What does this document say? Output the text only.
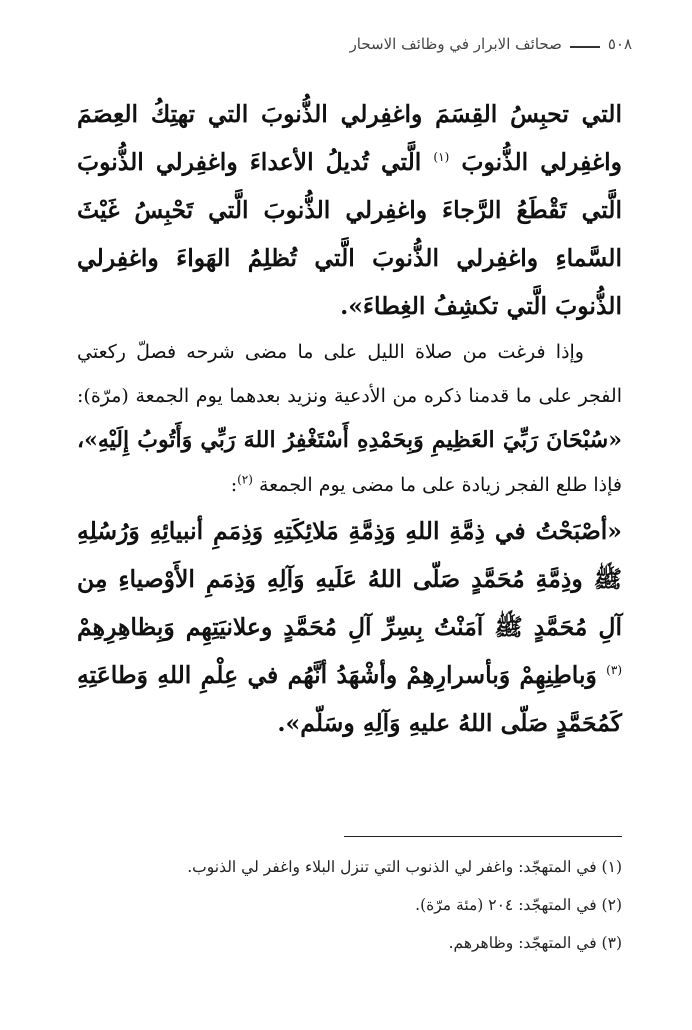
٥٠٨
صحائف الابرار في وظائف الاسحار

التي تحبِسُ القِسَمَ واغفِرلي الذُّنوبَ التي تهتِكُ العِصَمَ واغفِرلي الذُّنوبَ $^{(١)}$ الَّتي تُديلُ الأعداءَ واغفِرلي الذُّنوبَ الَّتي تَقْطَعُ الرَّجاءَ واغفِرلي الذُّنوبَ الَّتي تَحْبِسُ غَيْثَ السَّماءِ واغفِرلي الذُّنوبَ الَّتي تُظلِمُ الهَواءَ واغفِرلي الذُّنوبَ الَّتي تكشِفُ الغِطاءَ».

وإذا فرغت من صلاة الليل على ما مضى شرحه فصلّ ركعتي الفجر على ما قدمنا ذكره من الأدعية ونزيد بعدهما يوم الجمعة (مرّة): «سُبْحَانَ رَبِّيَ العَظِيمِ وَبِحَمْدِهِ أَسْتَغْفِرُ اللهَ رَبِّي وَأَتُوبُ إِلَيْهِ»، فإذا طلع الفجر زيادة على ما مضى يوم الجمعة $^{(٢)}$:

«أصْبَحْتُ في ذِمَّةِ اللهِ وَذِمَّةِ مَلائِكَتِهِ وَذِمَمِ أنبيائِهِ وَرُسُلِهِ ﷺ وذِمَّةِ مُحَمَّدٍ صَلّى اللهُ عَلَيهِ وَآلِهِ وَذِمَمِ الأَوْصياءِ مِن آلِ مُحَمَّدٍ ﷺ آمَنْتُ بِسِرِّ آلِ مُحَمَّدٍ وعلانيَتِهِم وَبِظاهِرِهِمْ $^{(٣)}$ وَباطِنِهِمْ وَبأسرارِهِمْ وأشْهَدُ أنَّهُم في عِلْمِ اللهِ وَطاعَتِهِ كَمُحَمَّدٍ صَلّى اللهُ عليهِ وَآلِهِ وسَلّم».

(١) في المتهجّد: واغفر لي الذنوب التي تنزل البلاء واغفر لي الذنوب.

(٢) في المتهجّد: ٢٠٤ (مئة مرّة).

(٣) في المتهجّد: وظاهرهم.
